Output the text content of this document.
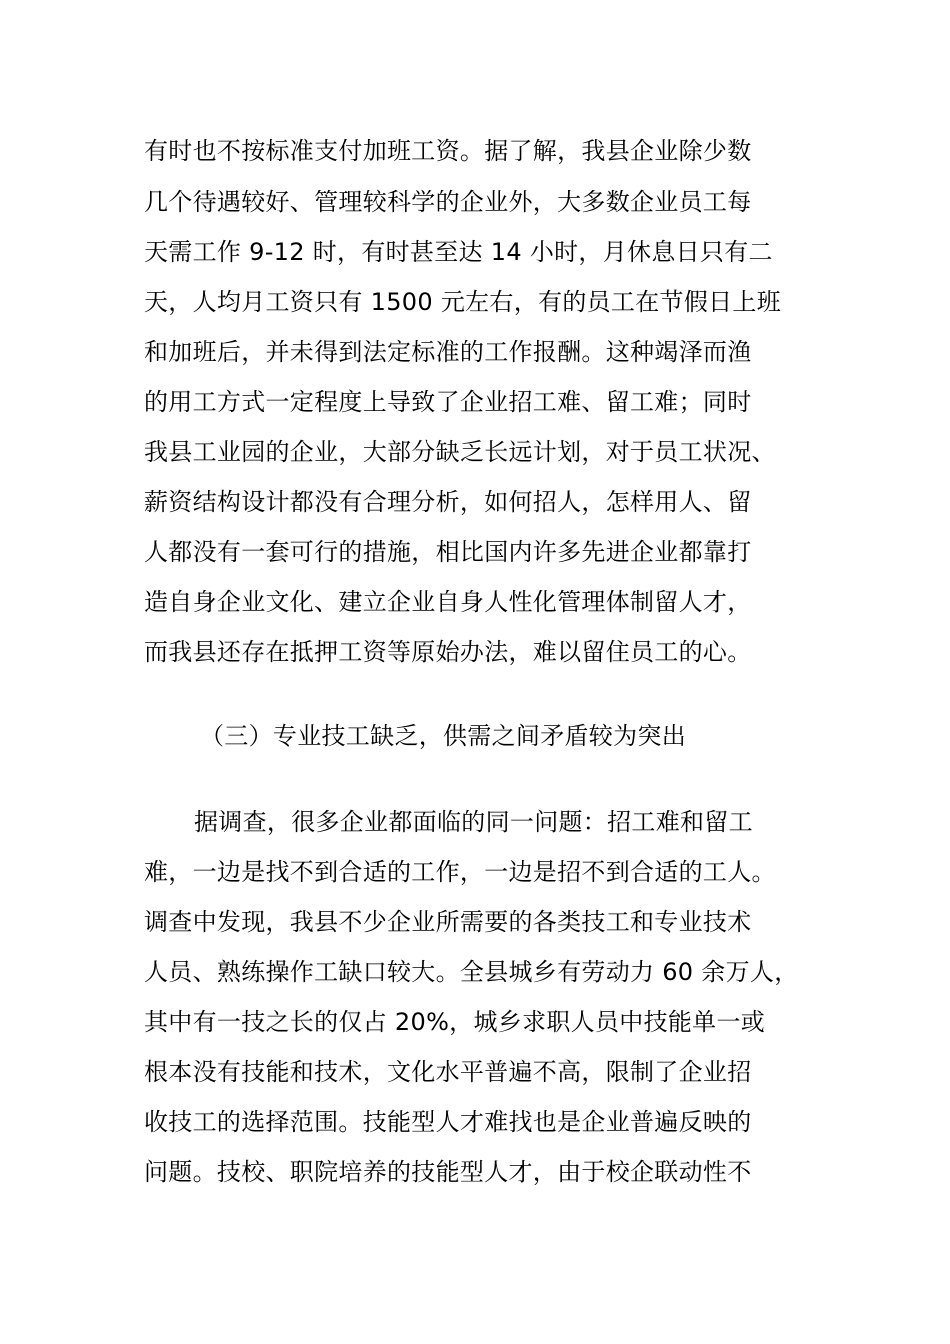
有时也不按标准支付加班工资。据了解，我县企业除少数
几个待遇较好、管理较科学的企业外，大多数企业员工每
天需工作 9-12 时，有时甚至达 14 小时，月休息日只有二
天，人均月工资只有 1500 元左右，有的员工在节假日上班
和加班后，并未得到法定标准的工作报酬。这种竭泽而渔
的用工方式一定程度上导致了企业招工难、留工难；同时
我县工业园的企业，大部分缺乏长远计划，对于员工状况、
薪资结构设计都没有合理分析，如何招人，怎样用人、留
人都没有一套可行的措施，相比国内许多先进企业都靠打
造自身企业文化、建立企业自身人性化管理体制留人才，
而我县还存在抵押工资等原始办法，难以留住员工的心。
（三）专业技工缺乏，供需之间矛盾较为突出
据调查，很多企业都面临的同一问题：招工难和留工
难，一边是找不到合适的工作，一边是招不到合适的工人。
调查中发现，我县不少企业所需要的各类技工和专业技术
人员、熟练操作工缺口较大。全县城乡有劳动力 60 余万人，
其中有一技之长的仅占 20%，城乡求职人员中技能单一或
根本没有技能和技术，文化水平普遍不高，限制了企业招
收技工的选择范围。技能型人才难找也是企业普遍反映的
问题。技校、职院培养的技能型人才，由于校企联动性不
